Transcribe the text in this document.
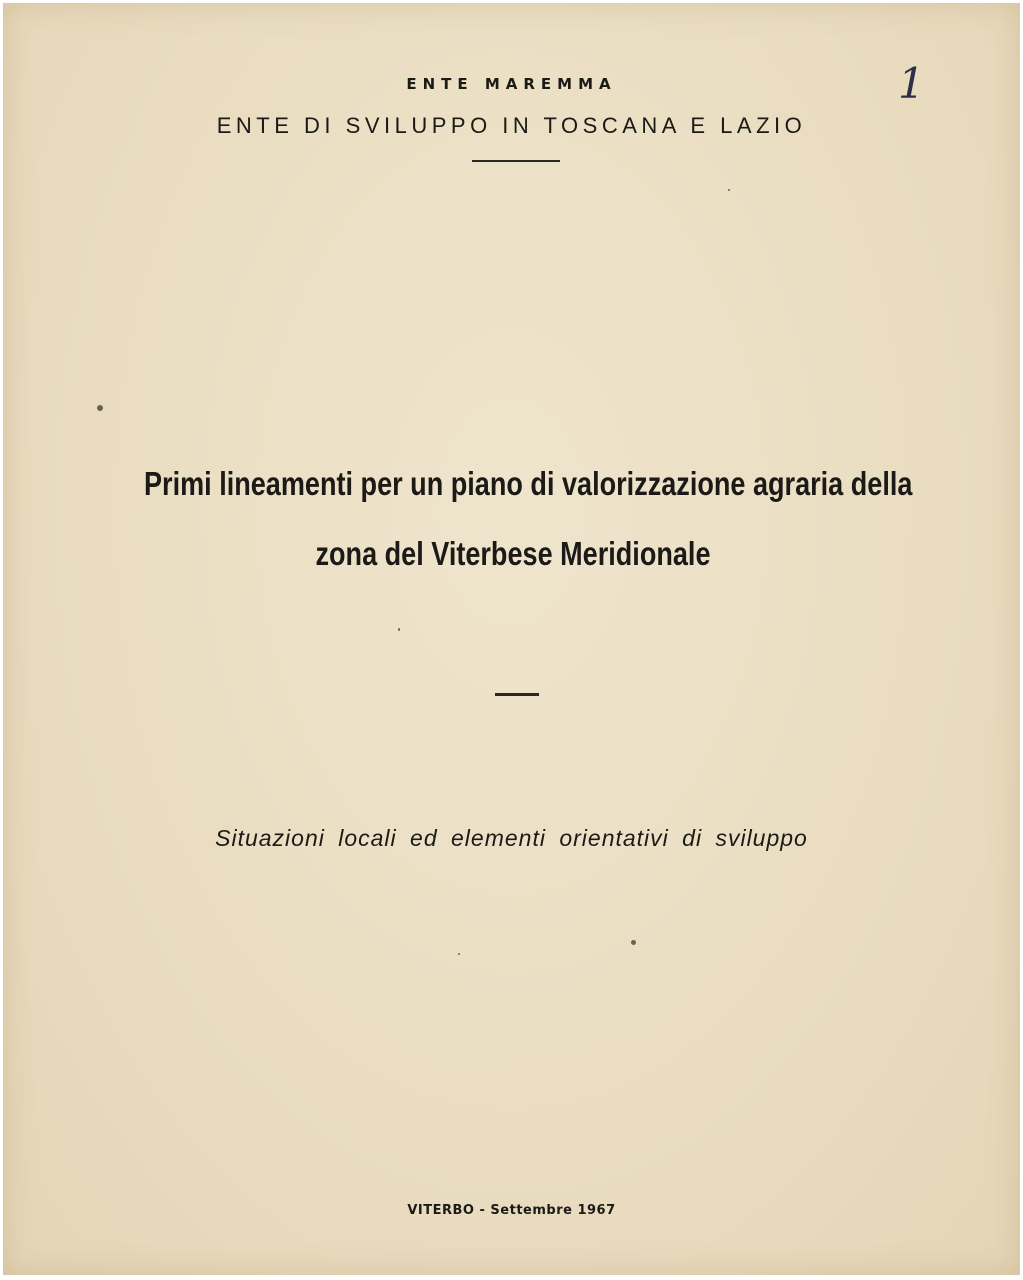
ENTE MAREMMA
ENTE DI SVILUPPO IN TOSCANA E LAZIO
1
Primi lineamenti per un piano di valorizzazione agraria della
zona del Viterbese Meridionale
Situazioni locali ed elementi orientativi di sviluppo
VITERBO - Settembre 1967
